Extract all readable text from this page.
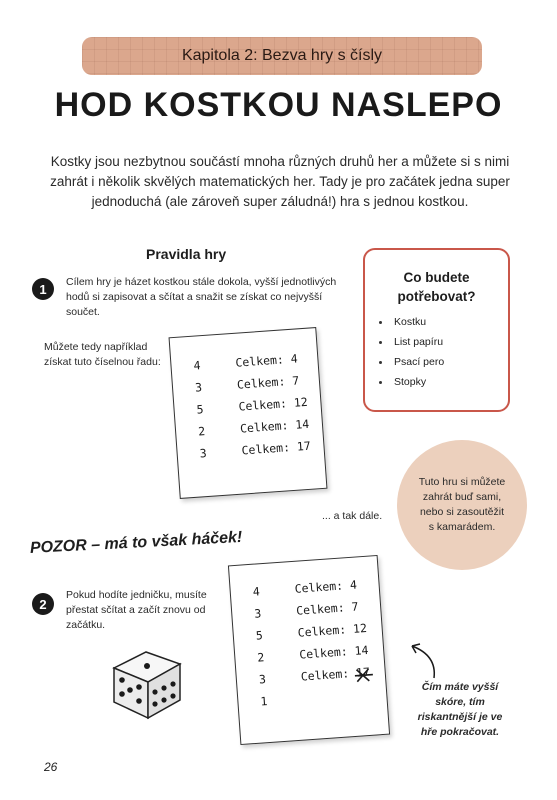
Kapitola 2: Bezva hry s čísly
HOD KOSTKOU NASLEPO
Kostky jsou nezbytnou součástí mnoha různých druhů her a můžete si s nimi zahrát i několik skvělých matematických her. Tady je pro začátek jedna super jednoduchá (ale zároveň super záludná!) hra s jednou kostkou.
Pravidla hry
1	Cílem hry je házet kostkou stále dokola, vyšší jednotlivých hodů si zapisovat a sčítat a snažit se získat co nejvyšší součet.
Můžete tedy například získat tuto číselnou řadu:	4	Celkem: 4
3	Celkem: 7
5	Celkem: 12
2	Celkem: 14
3	Celkem: 17
... a tak dále.
Co budete potřebovat?
Kostku
List papíru
Psací pero
Stopky
Tuto hru si můžete zahrát buď sami, nebo si zasoutěžit s kamarádem.
POZOR – má to však háček!
2
Pokud hodíte jedničku, musíte přestat sčítat a začít znovu od začátku.
4	Celkem: 4
3	Celkem: 7
5	Celkem: 12
2	Celkem: 14
3	Celkem: 17
1
Čím máte vyšší skóre, tím riskantnější je ve hře pokračovat.
26
